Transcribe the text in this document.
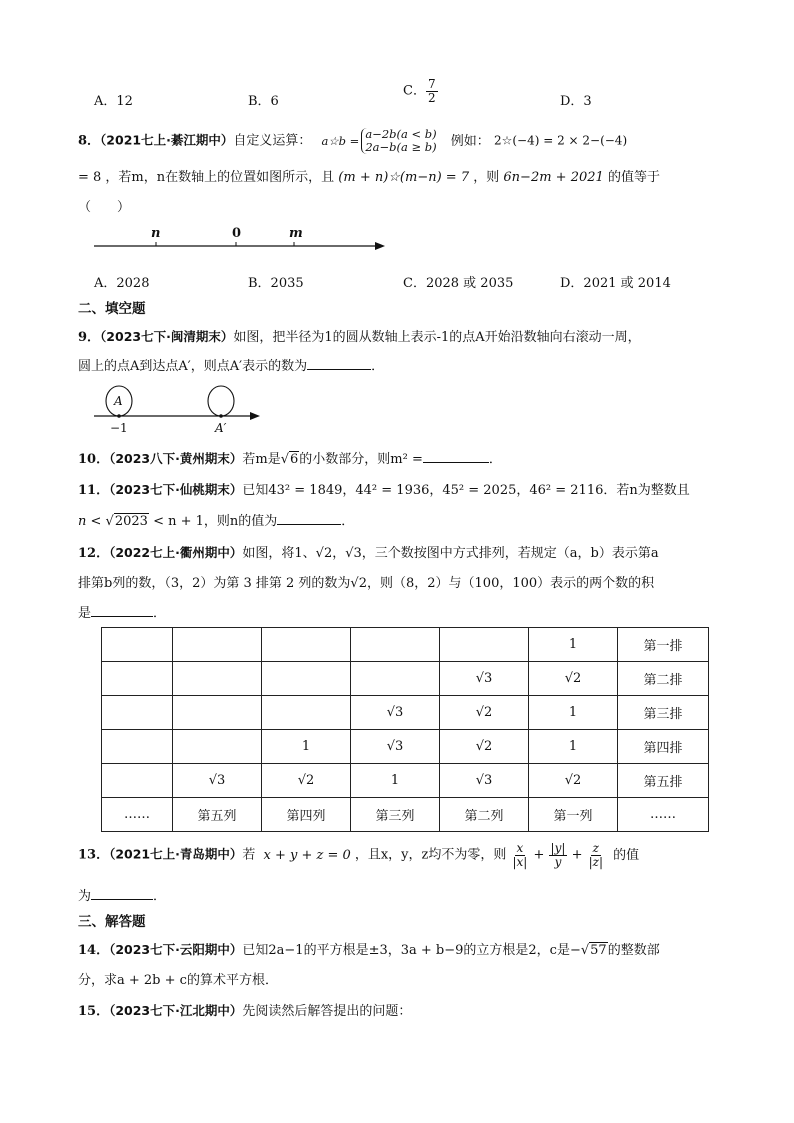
A．12	B．6
C． $\frac{7}{2}$	D．3
8．（2021七上·綦江期中）自定义运算： a☆b =
a−2b(a < b)
2a−b(a ≥ b) 例如： 2☆(−4) = 2 × 2−(−4)
= 8 ，若m，n在数轴上的位置如图所示，且 (m + n)☆(m−n) = 7 ，则 6n−2m + 2021 的值等于
（　　）
n	0	m
A．2028	B．2035	C．2028 或 2035	D．2021 或 2014
二、填空题
9．（2023七下·闽清期末）如图，把半径为1的圆从数轴上表示-1的点A开始沿数轴向右滚动一周，
圆上的点A到达点A′，则点A′表示的数为	．
A
−1	A′
10．（2023八下·黄州期末）若m是√6的小数部分，则m² =	．
11．（2023七下·仙桃期末）已知43² = 1849，44² = 1936，45² = 2025，46² = 2116．若n为整数且
n < √2023 < n + 1，则n的值为	．
12．（2022七上·衢州期中）如图，将1、√2，√3，三个数按图中方式排列，若规定（a，b）表示第a
排第b列的数，（3，2）为第 3 排第 2 列的数为√2，则（8，2）与（100，100）表示的两个数的积
是	．
					1	第一排
				√3	√2	第二排
			√3	√2	1	第三排
		1	√3	√2	1	第四排
	√3	√2	1	√3	√2	第五排
……	第五列	第四列	第三列	第二列	第一列	……
13．（2021七上·青岛期中）若 x + y + z = 0 ，且x，y，z均不为零，则 $\frac{x}{|x|} + \frac{|y|}{y} + \frac{z}{|z|}$ 的值
为	．
三、解答题
14．（2023七下·云阳期中）已知2a−1的平方根是±3，3a + b−9的立方根是2，c是−√57的整数部
分，求a + 2b + c的算术平方根．
15．（2023七下·江北期中）先阅读然后解答提出的问题：
